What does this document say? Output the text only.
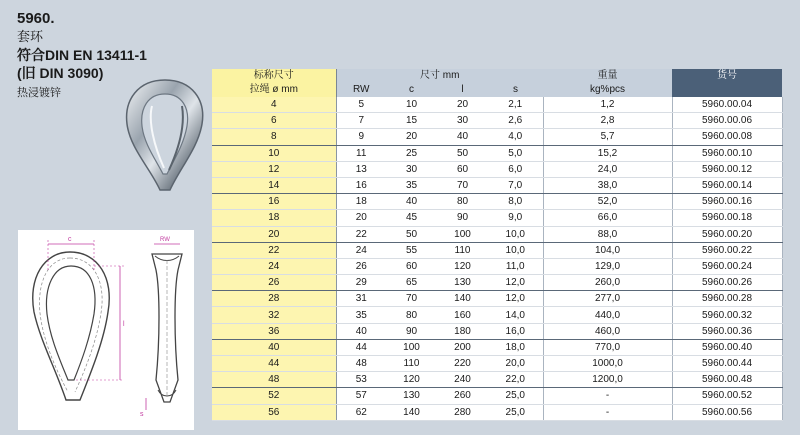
5960.
套环
符合DIN EN 13411-1
(旧 DIN 3090)
热浸镀锌
c
l
RW
s
标称尺寸	尺寸 mm				重量	货号
拉绳 ø mm	RW	c	l	s	kg%pcs	
4	5	10	20	2,1	1,2	5960.00.04
6	7	15	30	2,6	2,8	5960.00.06
8	9	20	40	4,0	5,7	5960.00.08
10	11	25	50	5,0	15,2	5960.00.10
12	13	30	60	6,0	24,0	5960.00.12
14	16	35	70	7,0	38,0	5960.00.14
16	18	40	80	8,0	52,0	5960.00.16
18	20	45	90	9,0	66,0	5960.00.18
20	22	50	100	10,0	88,0	5960.00.20
22	24	55	110	10,0	104,0	5960.00.22
24	26	60	120	11,0	129,0	5960.00.24
26	29	65	130	12,0	260,0	5960.00.26
28	31	70	140	12,0	277,0	5960.00.28
32	35	80	160	14,0	440,0	5960.00.32
36	40	90	180	16,0	460,0	5960.00.36
40	44	100	200	18,0	770,0	5960.00.40
44	48	110	220	20,0	1000,0	5960.00.44
48	53	120	240	22,0	1200,0	5960.00.48
52	57	130	260	25,0	-	5960.00.52
56	62	140	280	25,0	-	5960.00.56
